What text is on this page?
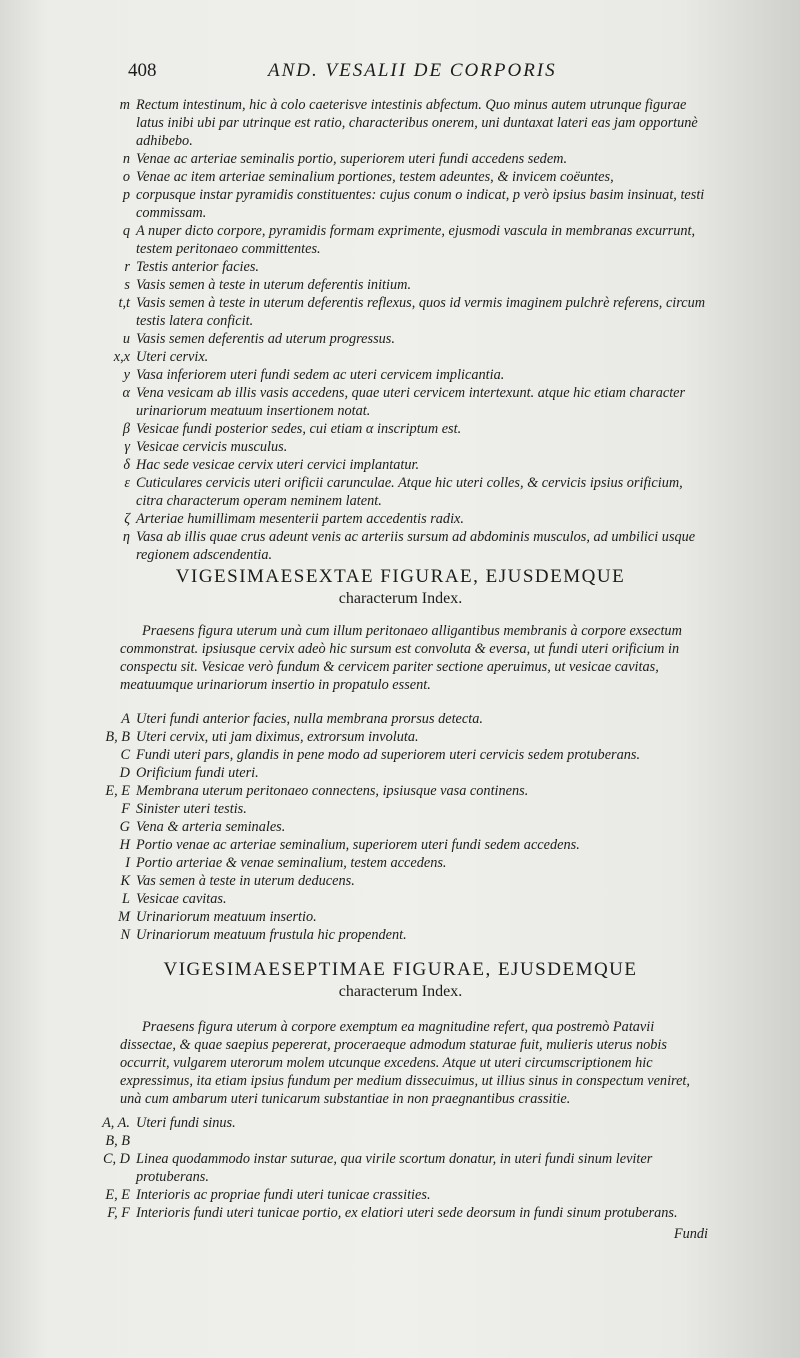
408	AND. VESALII DE CORPORIS
m Rectum intestinum, hic à colo caeterisve intestinis abfectum. Quo minus autem utrunque figurae latus inibi ubi par utrinque est ratio, characteribus onerem, uni duntaxat lateri eas jam opportunè adhibebo.
n Venae ac arteriae seminalis portio, superiorem uteri fundi accedens sedem.
o Venae ac item arteriae seminalium portiones, testem adeuntes, & invicem coëuntes,
p corpusque instar pyramidis constituentes: cujus conum o indicat, p verò ipsius basim insinuat, testi commissam.
q A nuper dicto corpore, pyramidis formam exprimente, ejusmodi vascula in membranas excurrunt, testem peritonaeo committentes.
r Testis anterior facies.
s Vasis semen à teste in uterum deferentis initium.
t,t Vasis semen à teste in uterum deferentis reflexus, quos id vermis imaginem pulchrè referens, circum testis latera conficit.
u Vasis semen deferentis ad uterum progressus.
x,x Uteri cervix.
y Vasa inferiorem uteri fundi sedem ac uteri cervicem implicantia.
α Vena vesicam ab illis vasis accedens, quae uteri cervicem intertexunt. atque hic etiam character urinariorum meatuum insertionem notat.
β Vesicae fundi posterior sedes, cui etiam α inscriptum est.
γ Vesicae cervicis musculus.
δ Hac sede vesicae cervix uteri cervici implantatur.
ε Cuticulares cervicis uteri orificii carunculae. Atque hic uteri colles, & cervicis ipsius orificium, citra characterum operam neminem latent.
ζ Arteriae humillimam mesenterii partem accedentis radix.
η Vasa ab illis quae crus adeunt venis ac arteriis sursum ad abdominis musculos, ad umbilici usque regionem adscendentia.
VIGESIMAESEXTAE FIGURAE, EJUSDEMQUE
characterum Index.
Praesens figura uterum unà cum illum peritonaeo alligantibus membranis à corpore exsectum commonstrat. ipsiusque cervix adeò hic sursum est convoluta & eversa, ut fundi uteri orificium in conspectu sit. Vesicae verò fundum & cervicem pariter sectione aperuimus, ut vesicae cavitas, meatuumque urinariorum insertio in propatulo essent.
A Uteri fundi anterior facies, nulla membrana prorsus detecta.
B, B Uteri cervix, uti jam diximus, extrorsum involuta.
C Fundi uteri pars, glandis in pene modo ad superiorem uteri cervicis sedem protuberans.
D Orificium fundi uteri.
E, E Membrana uterum peritonaeo connectens, ipsiusque vasa continens.
F Sinister uteri testis.
G Vena & arteria seminales.
H Portio venae ac arteriae seminalium, superiorem uteri fundi sedem accedens.
I Portio arteriae & venae seminalium, testem accedens.
K Vas semen à teste in uterum deducens.
L Vesicae cavitas.
M Urinariorum meatuum insertio.
N Urinariorum meatuum frustula hic propendent.
VIGESIMAESEPTIMAE FIGURAE, EJUSDEMQUE
characterum Index.
Praesens figura uterum à corpore exemptum ea magnitudine refert, qua postremò Patavii dissectae, & quae saepius pepererat, proceraeque admodum staturae fuit, mulieris uterus nobis occurrit, vulgarem uterorum molem utcunque excedens. Atque ut uteri circumscriptionem hic expressimus, ita etiam ipsius fundum per medium dissecuimus, ut illius sinus in conspectum veniret, unà cum ambarum uteri tunicarum substantiae in non praegnantibus crassitie.
A, A. B, B
Uteri fundi sinus.
C, D Linea quodammodo instar suturae, qua virile scortum donatur, in uteri fundi sinum leviter protuberans.
E, E Interioris ac propriae fundi uteri tunicae crassities.
F, F Interioris fundi uteri tunicae portio, ex elatiori uteri sede deorsum in fundi sinum protuberans.
Fundi
